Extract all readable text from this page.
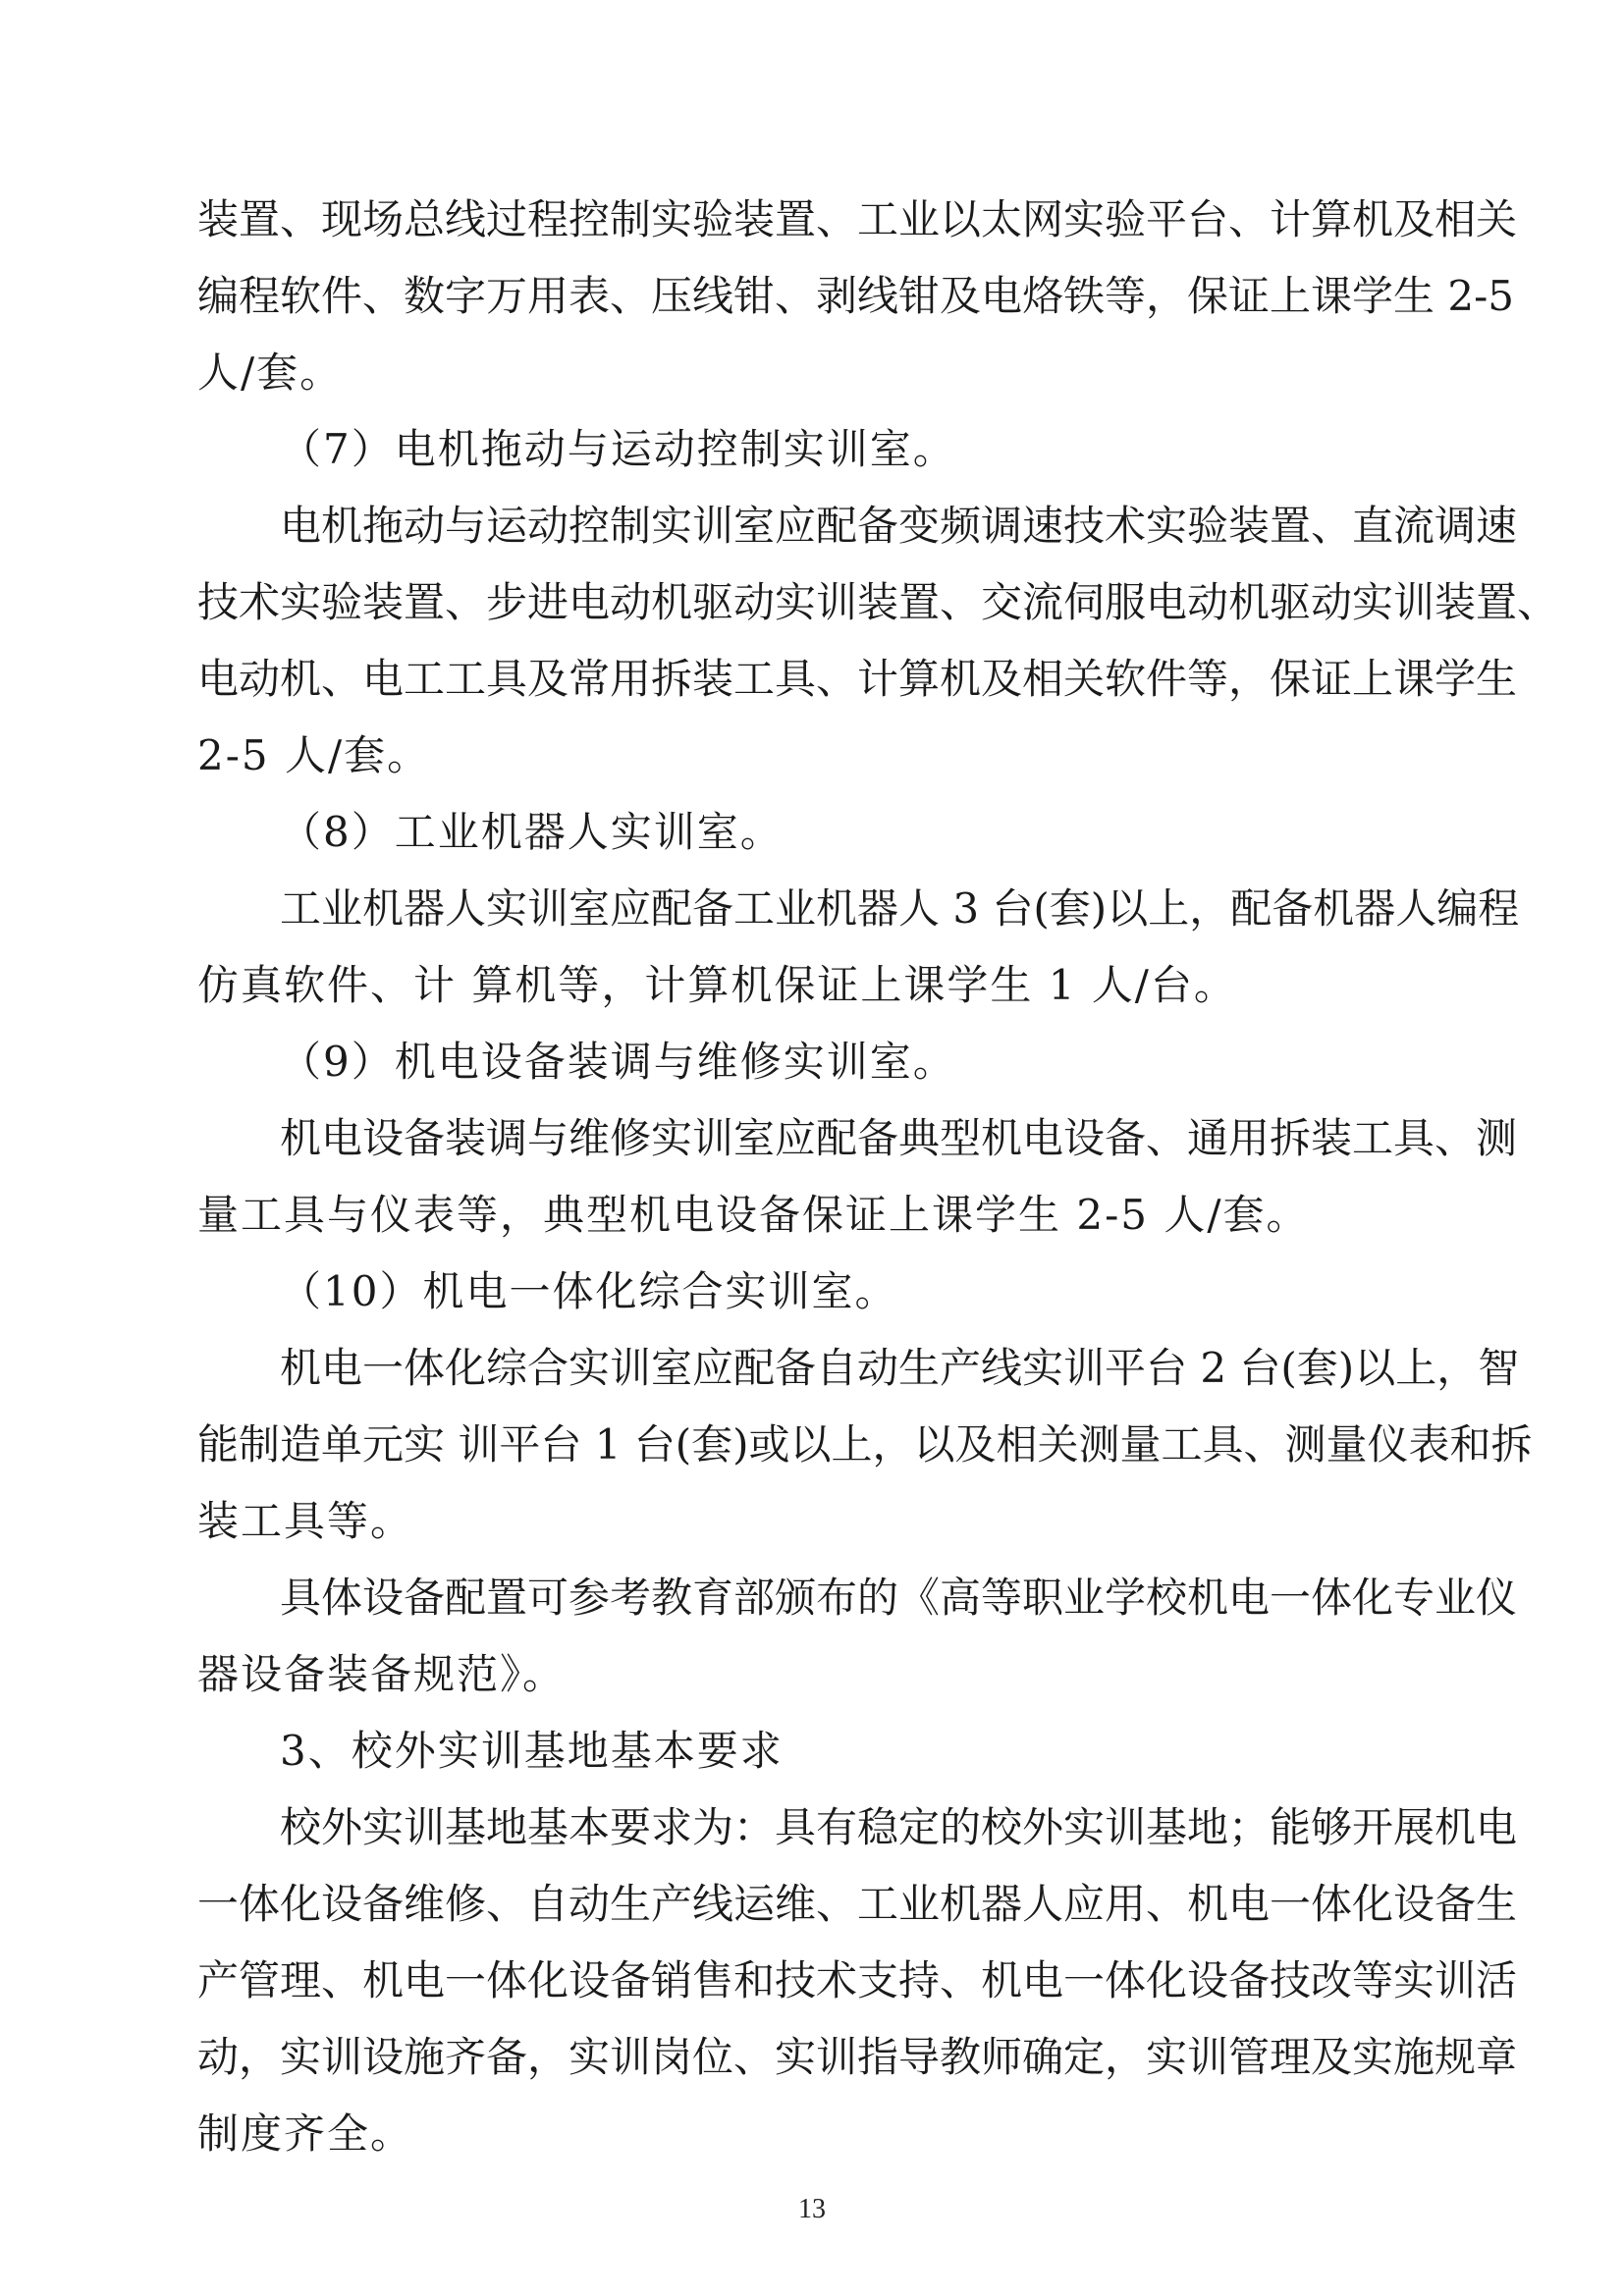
装置、现场总线过程控制实验装置、工业以太网实验平台、计算机及相关
编程软件、数字万用表、压线钳、剥线钳及电烙铁等，保证上课学生 2-5
人/套。
（7）电机拖动与运动控制实训室。
电机拖动与运动控制实训室应配备变频调速技术实验装置、直流调速
技术实验装置、步进电动机驱动实训装置、交流伺服电动机驱动实训装置、
电动机、电工工具及常用拆装工具、计算机及相关软件等，保证上课学生
2-5 人/套。
（8）工业机器人实训室。
工业机器人实训室应配备工业机器人 3 台(套)以上，配备机器人编程
仿真软件、计 算机等，计算机保证上课学生 1 人/台。
（9）机电设备装调与维修实训室。
机电设备装调与维修实训室应配备典型机电设备、通用拆装工具、测
量工具与仪表等，典型机电设备保证上课学生 2-5 人/套。
（10）机电一体化综合实训室。
机电一体化综合实训室应配备自动生产线实训平台 2 台(套)以上，智
能制造单元实 训平台 1 台(套)或以上，以及相关测量工具、测量仪表和拆
装工具等。
具体设备配置可参考教育部颁布的《高等职业学校机电一体化专业仪
器设备装备规范》。
3、校外实训基地基本要求
校外实训基地基本要求为：具有稳定的校外实训基地；能够开展机电
一体化设备维修、自动生产线运维、工业机器人应用、机电一体化设备生
产管理、机电一体化设备销售和技术支持、机电一体化设备技改等实训活
动，实训设施齐备，实训岗位、实训指导教师确定，实训管理及实施规章
制度齐全。
13
